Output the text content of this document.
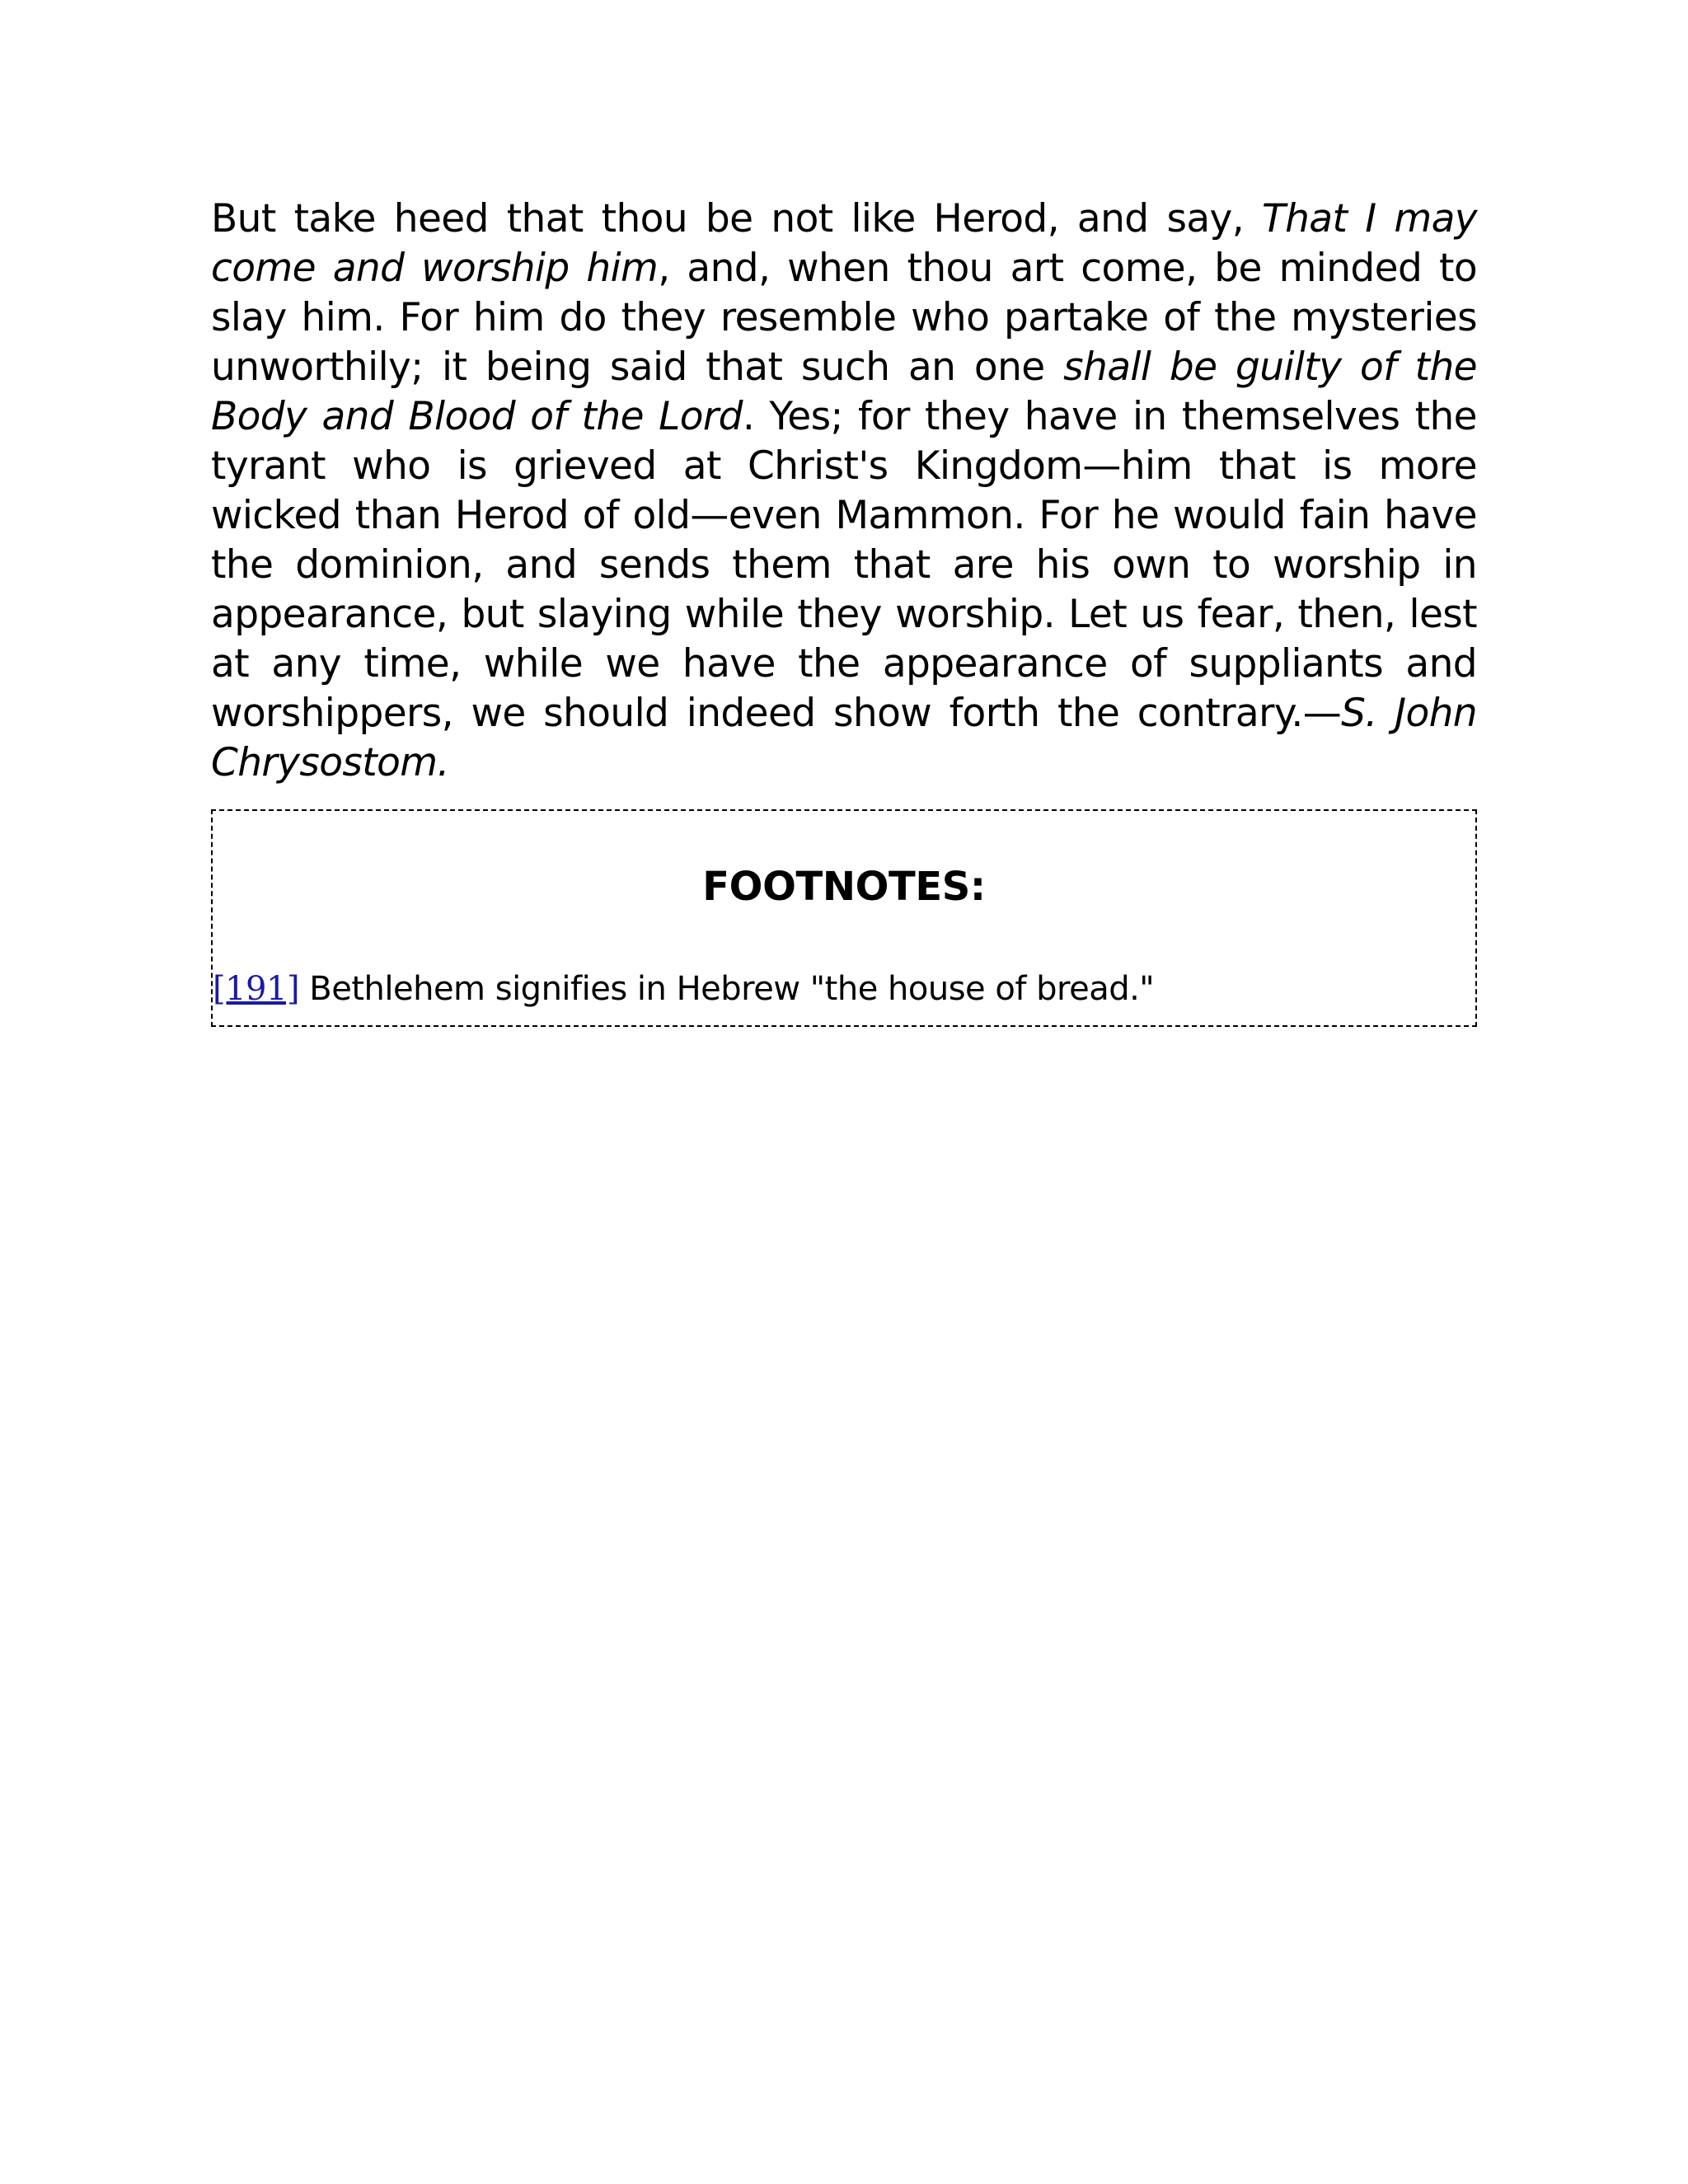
But take heed that thou be not like Herod, and say, That I may come and worship him, and, when thou art come, be minded to slay him. For him do they resemble who partake of the mysteries unworthily; it being said that such an one shall be guilty of the Body and Blood of the Lord. Yes; for they have in themselves the tyrant who is grieved at Christ's Kingdom—him that is more wicked than Herod of old—even Mammon. For he would fain have the dominion, and sends them that are his own to worship in appearance, but slaying while they worship. Let us fear, then, lest at any time, while we have the appearance of suppliants and worshippers, we should indeed show forth the contrary.—S. John Chrysostom.

FOOTNOTES:

[191] Bethlehem signifies in Hebrew "the house of bread."
